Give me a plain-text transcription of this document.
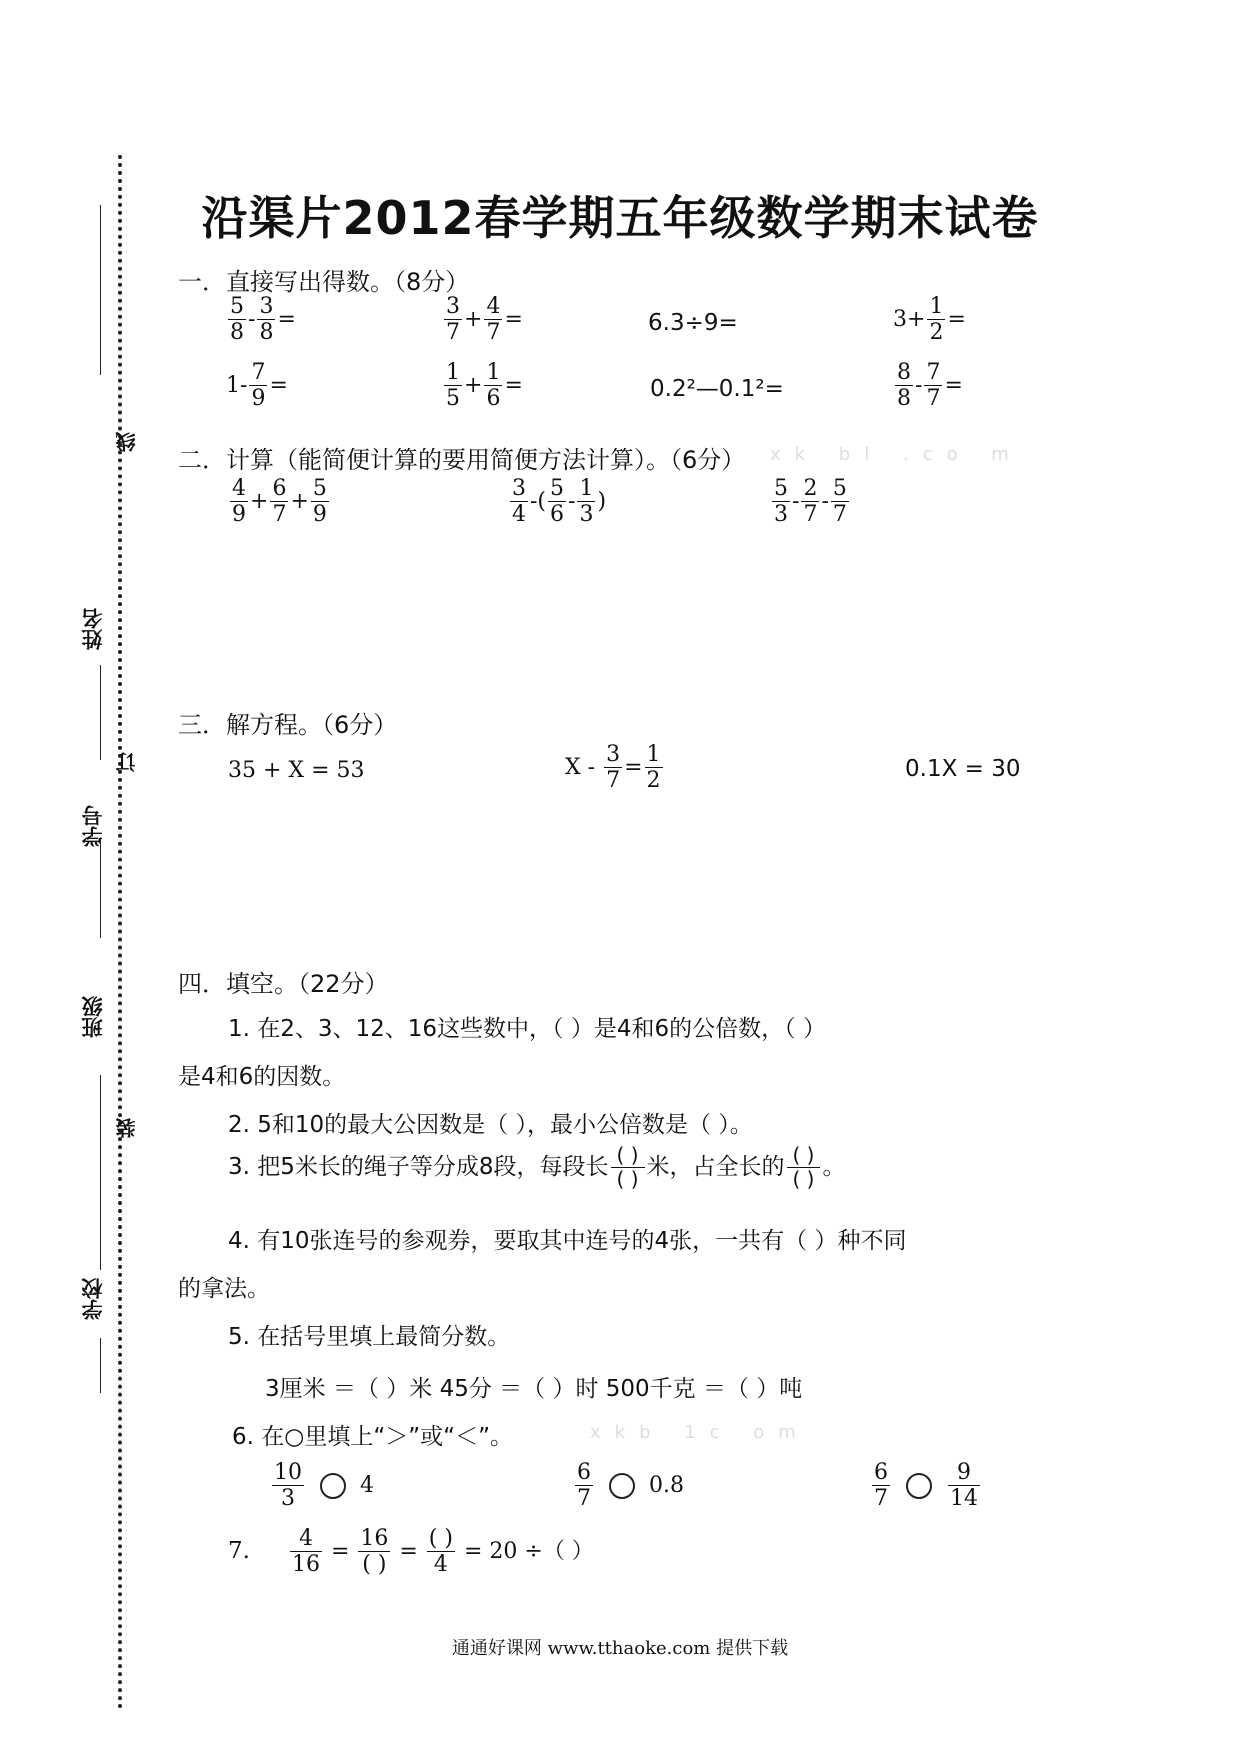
学校
班级
学号
姓名
线
订
装
沿渠片2012春学期五年级数学期末试卷
一．直接写出得数。（8分）
$\frac{5}{8} - \frac{3}{8}$ =	$\frac{3}{7} + \frac{4}{7}$ =	6.3÷9=	$3+ \frac{1}{2}$ =
$1- \frac{7}{9}$ =	$\frac{1}{5} + \frac{1}{6}$ =	0.2²—0.1²=	$\frac{8}{8} - \frac{7}{7}$ =
二．计算（能简便计算的要用简便方法计算）。（6分） xk bl .co m
$\frac{4}{9} + \frac{6}{7} + \frac{5}{9}$	$\frac{3}{4}$ -( $\frac{5}{6} - \frac{1}{3}$ )	$\frac{5}{3} - \frac{2}{7} - \frac{5}{7}$
三．解方程。（6分）
35 + X = 53	$X - \frac{3}{7} = \frac{1}{2}$	0.1X = 30
四．填空。（22分）
1. 在2、3、12、16这些数中，（ ）是4和6的公倍数，（ ）
是4和6的因数。
2. 5和10的最大公因数是（ ），最小公倍数是（ ）。
3. 把5米长的绳子等分成8段，每段长 $\frac{( )}{( )}$ 米，占全长的 $\frac{( )}{( )}$ 。
4. 有10张连号的参观券，要取其中连号的4张，一共有（ ）种不同
的拿法。
5. 在括号里填上最简分数。
3厘米 ＝（ ）米 45分 ＝（ ）时 500千克 ＝（ ）吨
6. 在○里填上“＞”或“＜”。	xkb 1c om
$\frac{10}{3}$	4	$\frac{6}{7}$	0.8	$\frac{6}{7}$	$\frac{9}{14}$
7. $\frac{4}{16} = \frac{16}{( )} = \frac{( )}{4} = 20$ ÷（ ）
通通好课网 www.tthaoke.com 提供下载
